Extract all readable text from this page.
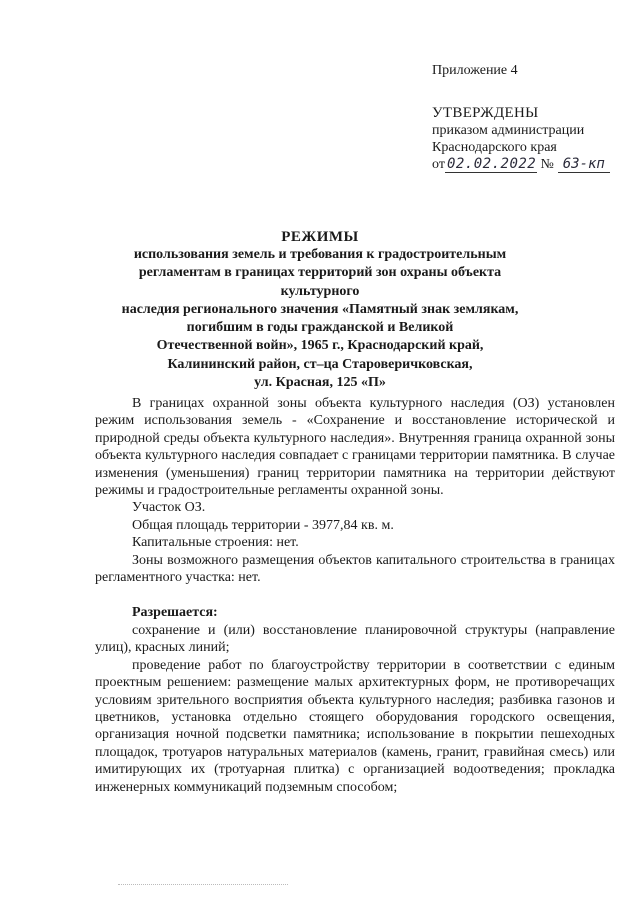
Приложение 4
УТВЕРЖДЕНЫ
приказом администрации
Краснодарского края
от 02.02.2022 № 63-кп
РЕЖИМЫ
использования земель и требования к градостроительным
регламентам в границах территорий зон охраны объекта культурного
наследия регионального значения «Памятный знак землякам,
погибшим в годы гражданской и Великой
Отечественной войн», 1965 г., Краснодарский край,
Калининский район, ст–ца Староверичковская,
ул. Красная, 125 «П»

В границах охранной зоны объекта культурного наследия (ОЗ) установлен режим использования земель - «Сохранение и восстановление исторической и природной среды объекта культурного наследия». Внутренняя граница охранной зоны объекта культурного наследия совпадает с границами территории памятника. В случае изменения (уменьшения) границ территории памятника на территории действуют режимы и градостроительные регламенты охранной зоны.

Участок ОЗ.

Общая площадь территории - 3977,84 кв. м.

Капитальные строения: нет.

Зоны возможного размещения объектов капитального строительства в границах регламентного участка: нет.

Разрешается:

сохранение и (или) восстановление планировочной структуры (направление улиц), красных линий;

проведение работ по благоустройству территории в соответствии с единым проектным решением: размещение малых архитектурных форм, не противоречащих условиям зрительного восприятия объекта культурного наследия; разбивка газонов и цветников, установка отдельно стоящего оборудования городского освещения, организация ночной подсветки памятника; использование в покрытии пешеходных площадок, тротуаров натуральных материалов (камень, гранит, гравийная смесь) или имитирующих их (тротуарная плитка) с организацией водоотведения; прокладка инженерных коммуникаций подземным способом;
